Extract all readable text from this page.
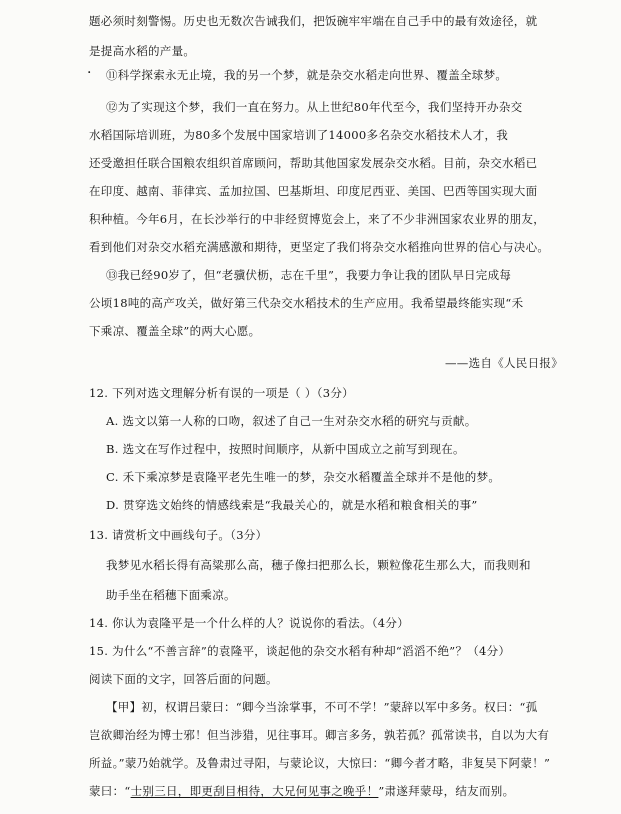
题必须时刻警惕。历史也无数次告诫我们，把饭碗牢牢端在自己手中的最有效途径，就
是提高水稻的产量。
·	⑪科学探索永无止境，我的另一个梦，就是杂交水稻走向世界、覆盖全球梦。
⑫为了实现这个梦，我们一直在努力。从上世纪80年代至今，我们坚持开办杂交
水稻国际培训班，为80多个发展中国家培训了14000多名杂交水稻技术人才，我
还受邀担任联合国粮农组织首席顾问，帮助其他国家发展杂交水稻。目前，杂交水稻已
在印度、越南、菲律宾、孟加拉国、巴基斯坦、印度尼西亚、美国、巴西等国实现大面
积种植。今年6月，在长沙举行的中非经贸博览会上，来了不少非洲国家农业界的朋友，
看到他们对杂交水稻充满感激和期待，更坚定了我们将杂交水稻推向世界的信心与决心。
⑬我已经90岁了，但“老骥伏枥，志在千里”，我要力争让我的团队早日完成每
公顷18吨的高产攻关，做好第三代杂交水稻技术的生产应用。我希望最终能实现“禾
下乘凉、覆盖全球”的两大心愿。
——选自《人民日报》
12. 下列对选文理解分析有误的一项是（ ）（3分）
A. 选文以第一人称的口吻，叙述了自己一生对杂交水稻的研究与贡献。
B. 选文在写作过程中，按照时间顺序，从新中国成立之前写到现在。
C. 禾下乘凉梦是袁隆平老先生唯一的梦，杂交水稻覆盖全球并不是他的梦。
D. 贯穿选文始终的情感线索是“我最关心的，就是水稻和粮食相关的事”
13. 请赏析文中画线句子。（3分）
我梦见水稻长得有高粱那么高，穗子像扫把那么长，颗粒像花生那么大，而我则和
助手坐在稻穗下面乘凉。
14. 你认为袁隆平是一个什么样的人？说说你的看法。（4分）
15. 为什么“不善言辞”的袁隆平，谈起他的杂交水稻有种却“滔滔不绝”？（4分）
阅读下面的文字，回答后面的问题。
【甲】初，权谓吕蒙曰：“卿今当涂掌事，不可不学！”蒙辞以军中多务。权曰：“孤
岂欲卿治经为博士邪！但当涉猎，见往事耳。卿言多务，孰若孤？孤常读书，自以为大有
所益。”蒙乃始就学。及鲁肃过寻阳，与蒙论议，大惊曰：“卿今者才略，非复吴下阿蒙！”
蒙曰：“士别三日，即更刮目相待，大兄何见事之晚乎！”肃遂拜蒙母，结友而别。
